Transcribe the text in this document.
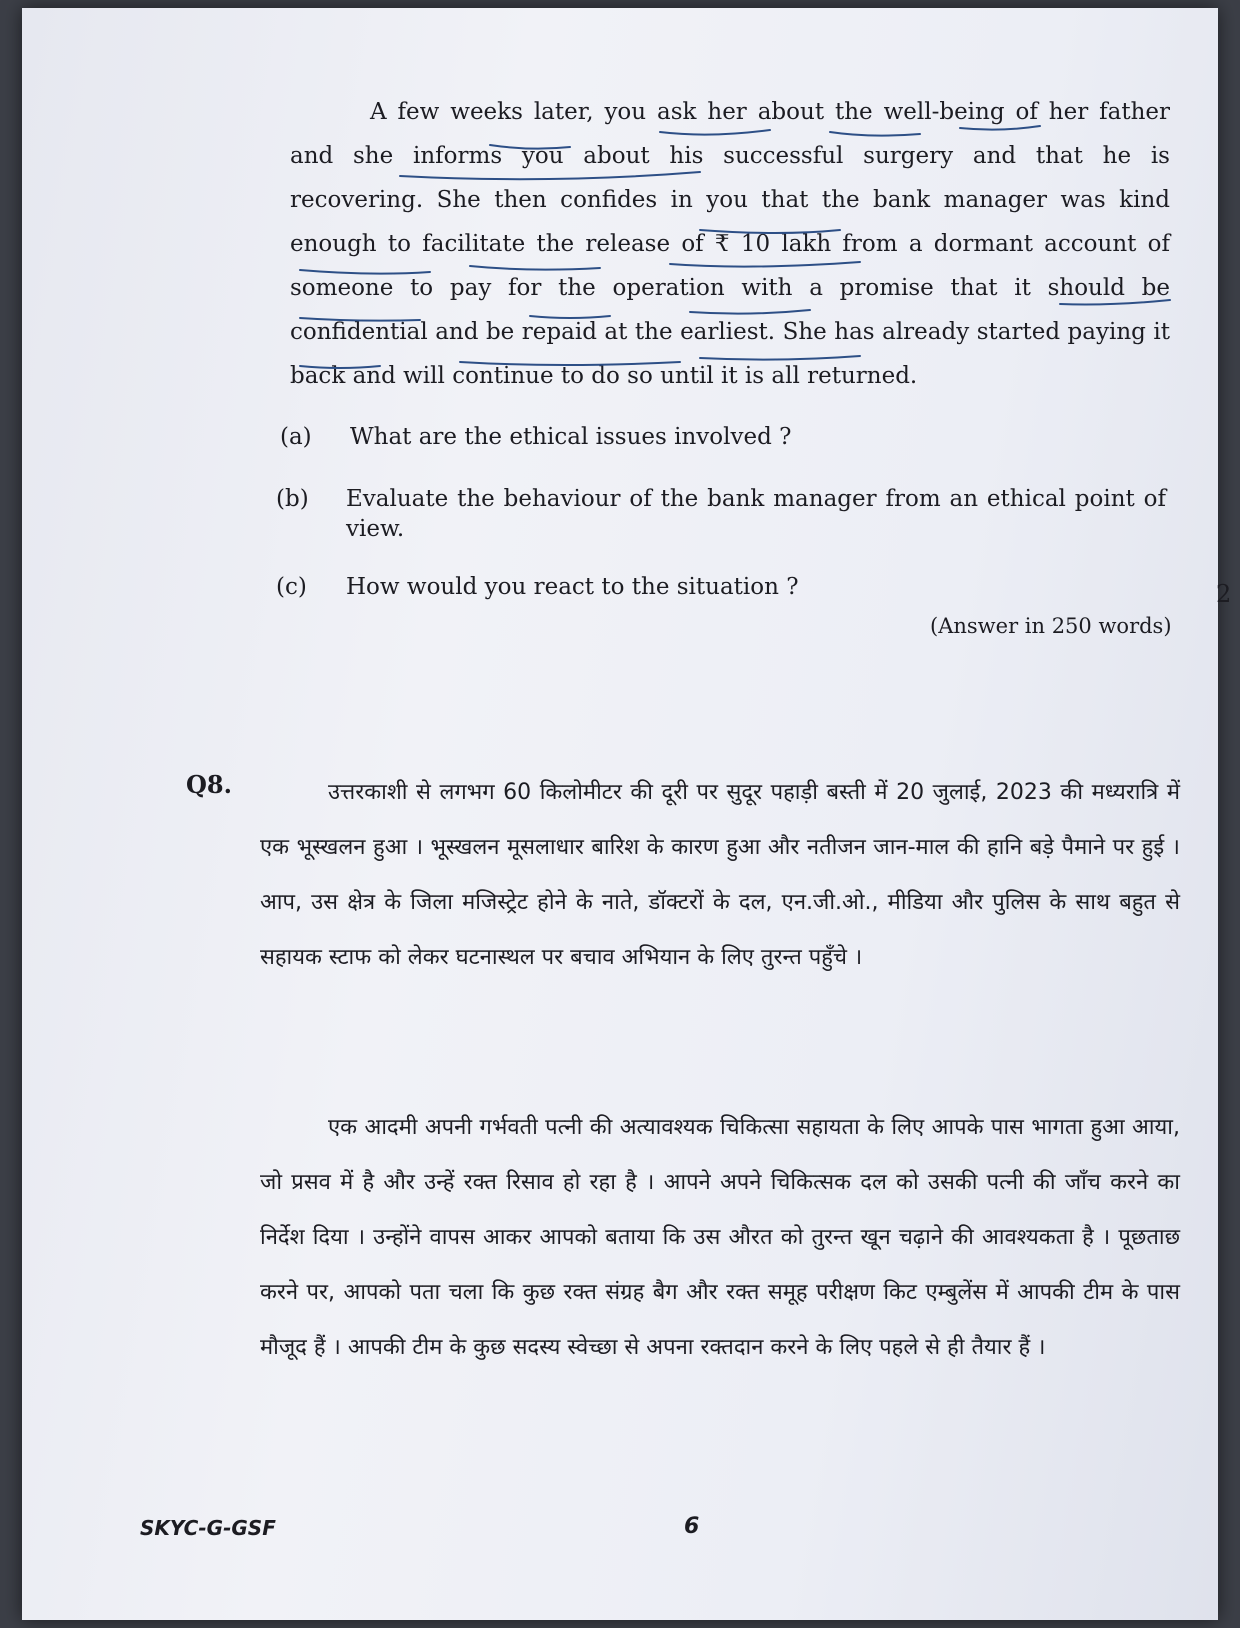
A few weeks later, you ask her about the well-being of her father and she informs you about his successful surgery and that he is recovering. She then confides in you that the bank manager was kind enough to facilitate the release of ₹ 10 lakh from a dormant account of someone to pay for the operation with a promise that it should be confidential and be repaid at the earliest. She has already started paying it back and will continue to do so until it is all returned.
(a) What are the ethical issues involved ?
(b) Evaluate the behaviour of the bank manager from an ethical point of view.
(c) How would you react to the situation ?
(Answer in 250 words)
2
Q8.	उत्तरकाशी से लगभग 60 किलोमीटर की दूरी पर सुदूर पहाड़ी बस्ती में 20 जुलाई, 2023 की मध्यरात्रि में एक भूस्खलन हुआ । भूस्खलन मूसलाधार बारिश के कारण हुआ और नतीजन जान-माल की हानि बड़े पैमाने पर हुई । आप, उस क्षेत्र के जिला मजिस्ट्रेट होने के नाते, डॉक्टरों के दल, एन.जी.ओ., मीडिया और पुलिस के साथ बहुत से सहायक स्टाफ को लेकर घटनास्थल पर बचाव अभियान के लिए तुरन्त पहुँचे ।
एक आदमी अपनी गर्भवती पत्नी की अत्यावश्यक चिकित्सा सहायता के लिए आपके पास भागता हुआ आया, जो प्रसव में है और उन्हें रक्त रिसाव हो रहा है । आपने अपने चिकित्सक दल को उसकी पत्नी की जाँच करने का निर्देश दिया । उन्होंने वापस आकर आपको बताया कि उस औरत को तुरन्त खून चढ़ाने की आवश्यकता है । पूछताछ करने पर, आपको पता चला कि कुछ रक्त संग्रह बैग और रक्त समूह परीक्षण किट एम्बुलेंस में आपकी टीम के पास मौजूद हैं । आपकी टीम के कुछ सदस्य स्वेच्छा से अपना रक्तदान करने के लिए पहले से ही तैयार हैं ।
SKYC-G-GSF	6
